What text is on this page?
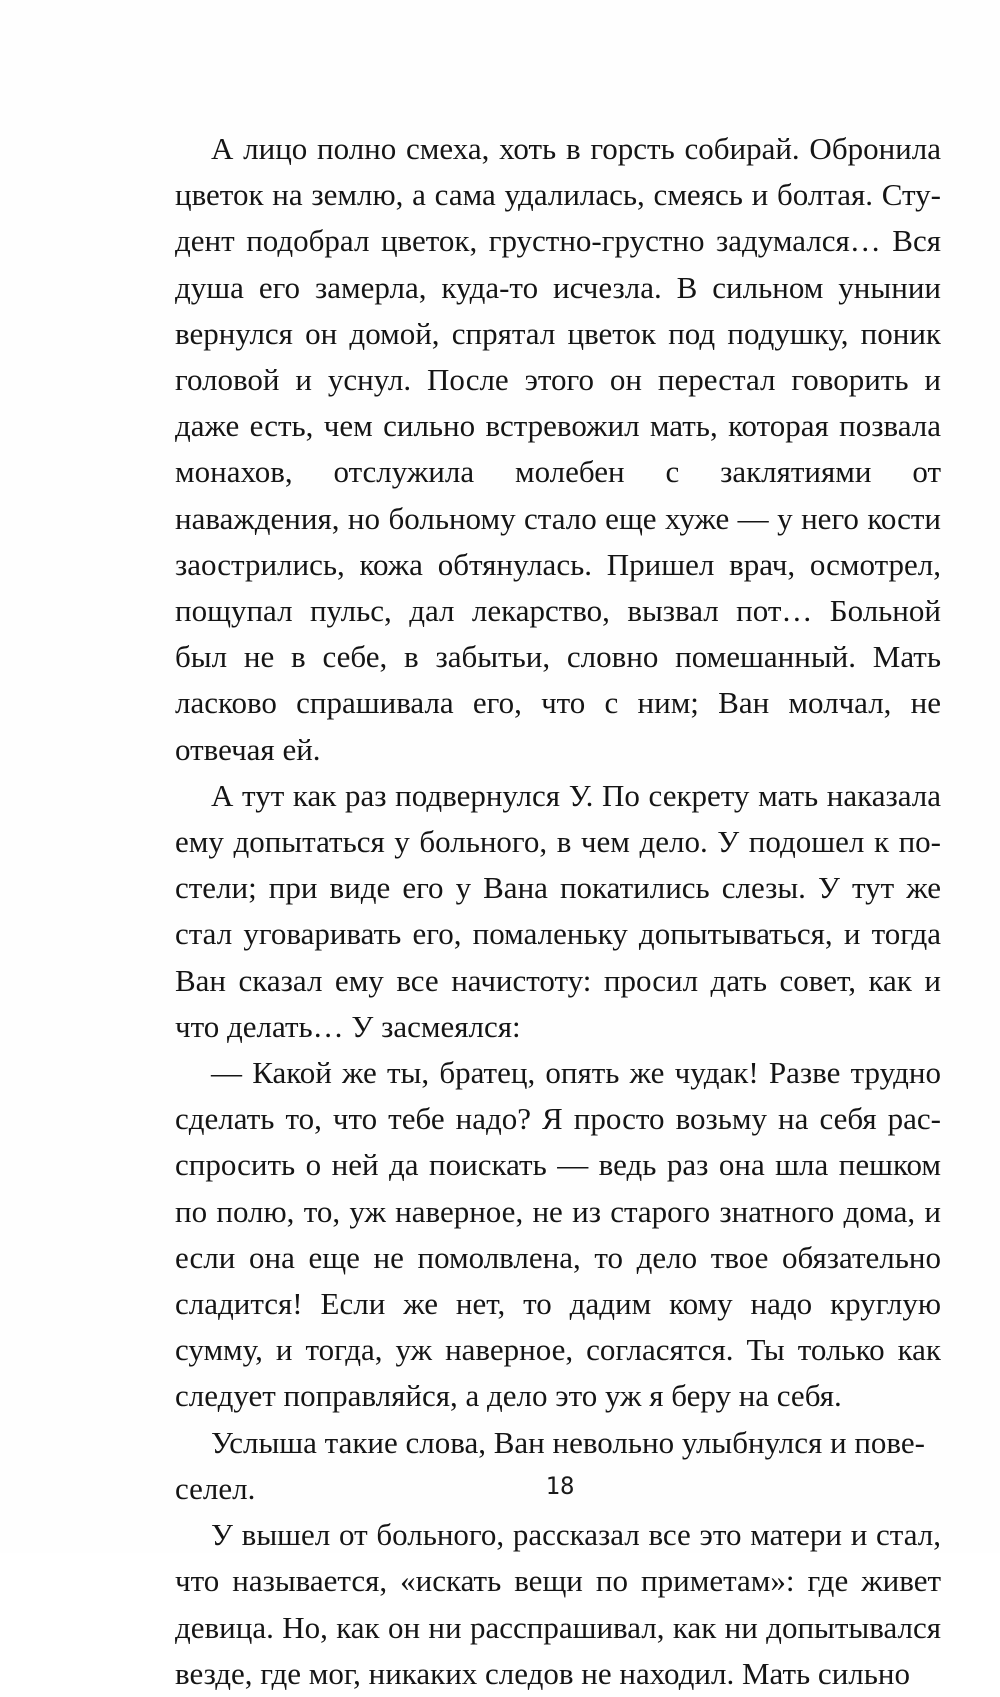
А лицо полно смеха, хоть в горсть собирай. Обронила цветок на землю, а сама удалилась, смеясь и болтая. Студент подобрал цветок, грустно-грустно задумался… Вся душа его замерла, куда-то исчезла. В сильном унынии вернулся он домой, спрятал цветок под подушку, поник головой и уснул. После этого он перестал говорить и даже есть, чем сильно встревожил мать, которая позвала монахов, отслужила молебен с заклятиями от наваждения, но больному стало еще хуже — у него кости заострились, кожа обтянулась. Пришел врач, осмотрел, пощупал пульс, дал лекарство, вызвал пот… Больной был не в себе, в забытьи, словно помешанный. Мать ласково спрашивала его, что с ним; Ван молчал, не отвечая ей.

А тут как раз подвернулся У. По секрету мать наказала ему допытаться у больного, в чем дело. У подошел к постели; при виде его у Вана покатились слезы. У тут же стал уговаривать его, помаленьку допытываться, и тогда Ван сказал ему все начистоту: просил дать совет, как и что делать… У засмеялся:

— Какой же ты, братец, опять же чудак! Разве трудно сделать то, что тебе надо? Я просто возьму на себя расспросить о ней да поискать — ведь раз она шла пешком по полю, то, уж наверное, не из старого знатного дома, и если она еще не помолвлена, то дело твое обязательно сладится! Если же нет, то дадим кому надо круглую сумму, и тогда, уж наверное, согласятся. Ты только как следует поправляйся, а дело это уж я беру на себя.

Услыша такие слова, Ван невольно улыбнулся и повеселел.

У вышел от больного, рассказал все это матери и стал, что называется, «искать вещи по приметам»: где живет девица. Но, как он ни расспрашивал, как ни допытывался везде, где мог, никаких следов не находил. Мать сильно

18
